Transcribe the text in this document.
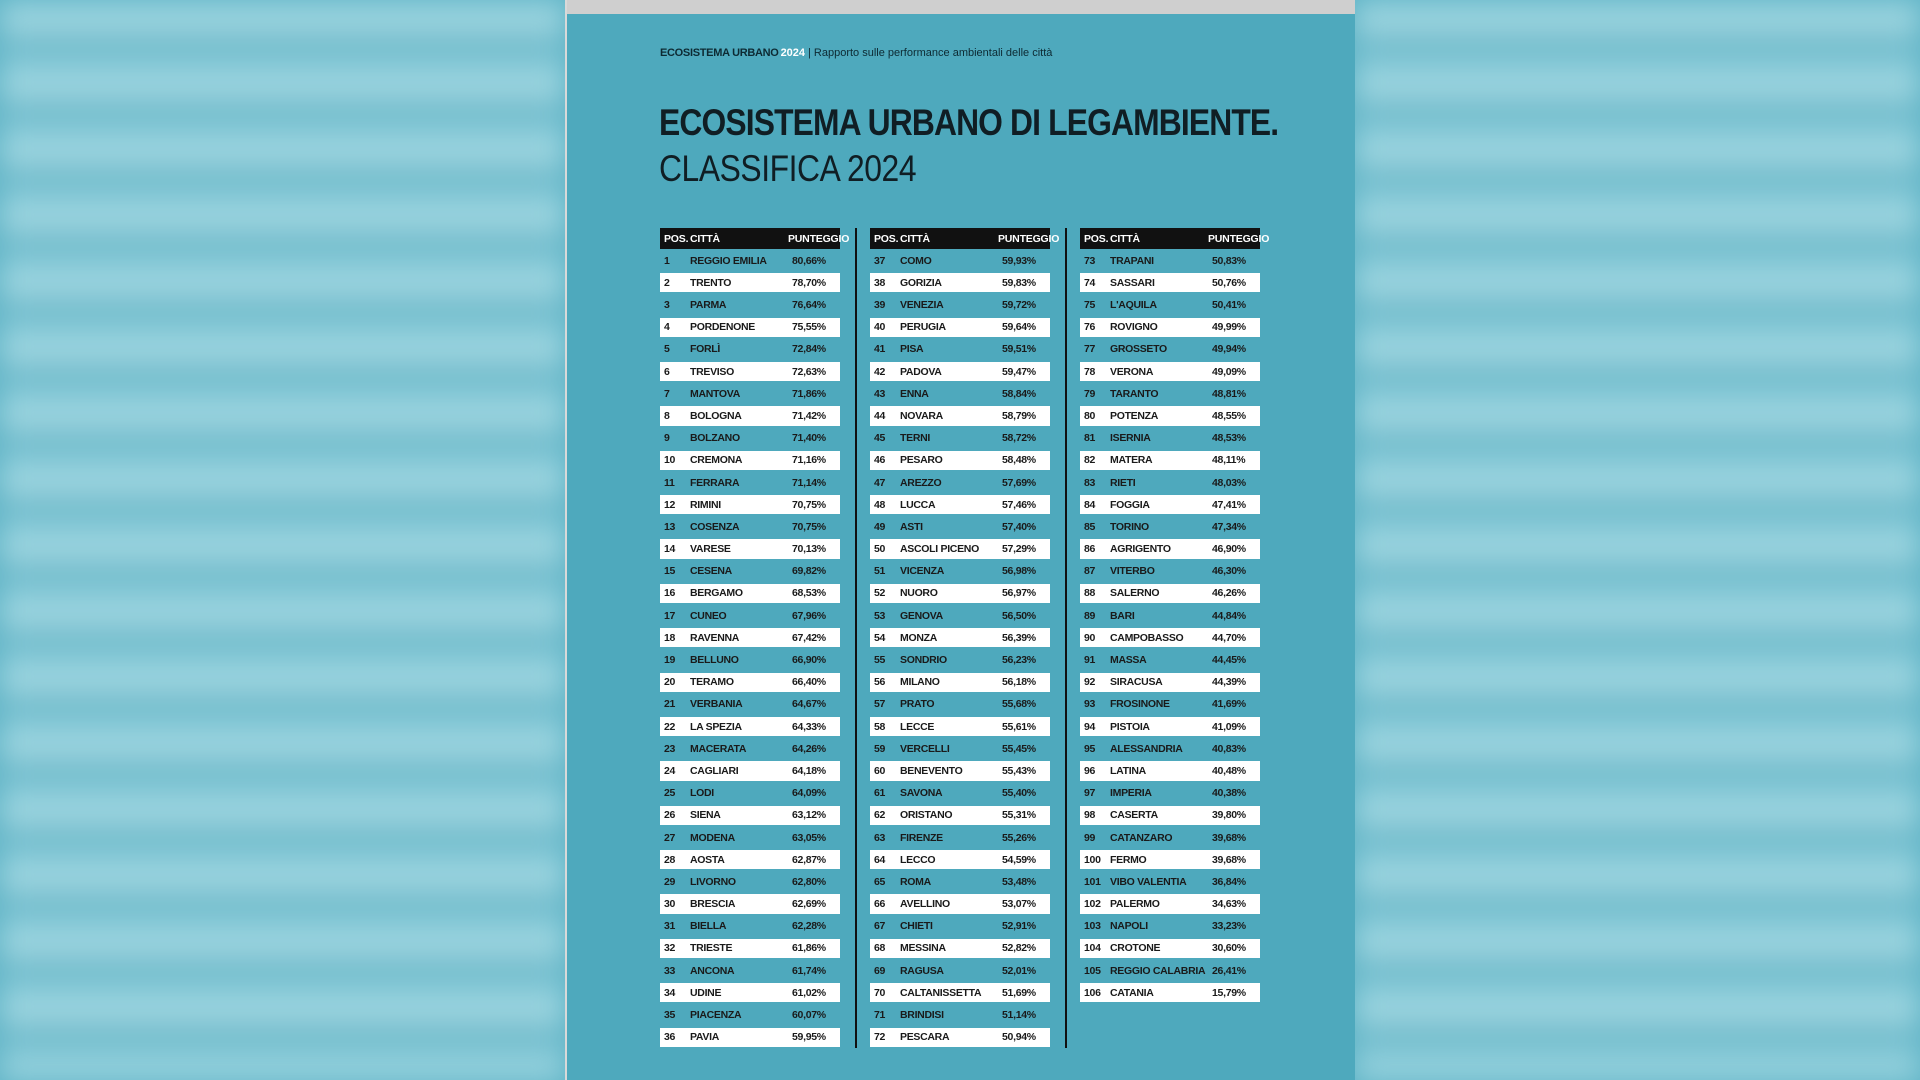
ECOSISTEMA URBANO 2024 | Rapporto sulle performance ambientali delle città
ECOSISTEMA URBANO DI LEGAMBIENTE.
CLASSIFICA 2024
POS. CITTÀ	PUNTEGGIO
1	REGGIO EMILIA	80,66%
2	TRENTO	78,70%
3	PARMA	76,64%
4	PORDENONE	75,55%
5	FORLÌ	72,84%
6	TREVISO	72,63%
7	MANTOVA	71,86%
8	BOLOGNA	71,42%
9	BOLZANO	71,40%
10	CREMONA	71,16%
11	FERRARA	71,14%
12	RIMINI	70,75%
13	COSENZA	70,75%
14	VARESE	70,13%
15	CESENA	69,82%
16	BERGAMO	68,53%
17	CUNEO	67,96%
18	RAVENNA	67,42%
19	BELLUNO	66,90%
20	TERAMO	66,40%
21	VERBANIA	64,67%
22	LA SPEZIA	64,33%
23	MACERATA	64,26%
24	CAGLIARI	64,18%
25	LODI	64,09%
26	SIENA	63,12%
27	MODENA	63,05%
28	AOSTA	62,87%
29	LIVORNO	62,80%
30	BRESCIA	62,69%
31	BIELLA	62,28%
32	TRIESTE	61,86%
33	ANCONA	61,74%
34	UDINE	61,02%
35	PIACENZA	60,07%
36	PAVIA	59,95%
POS. CITTÀ	PUNTEGGIO
37	COMO	59,93%
38	GORIZIA	59,83%
39	VENEZIA	59,72%
40	PERUGIA	59,64%
41	PISA	59,51%
42	PADOVA	59,47%
43	ENNA	58,84%
44	NOVARA	58,79%
45	TERNI	58,72%
46	PESARO	58,48%
47	AREZZO	57,69%
48	LUCCA	57,46%
49	ASTI	57,40%
50	ASCOLI PICENO	57,29%
51	VICENZA	56,98%
52	NUORO	56,97%
53	GENOVA	56,50%
54	MONZA	56,39%
55	SONDRIO	56,23%
56	MILANO	56,18%
57	PRATO	55,68%
58	LECCE	55,61%
59	VERCELLI	55,45%
60	BENEVENTO	55,43%
61	SAVONA	55,40%
62	ORISTANO	55,31%
63	FIRENZE	55,26%
64	LECCO	54,59%
65	ROMA	53,48%
66	AVELLINO	53,07%
67	CHIETI	52,91%
68	MESSINA	52,82%
69	RAGUSA	52,01%
70	CALTANISSETTA	51,69%
71	BRINDISI	51,14%
72	PESCARA	50,94%
POS. CITTÀ	PUNTEGGIO
73	TRAPANI	50,83%
74	SASSARI	50,76%
75	L'AQUILA	50,41%
76	ROVIGNO	49,99%
77	GROSSETO	49,94%
78	VERONA	49,09%
79	TARANTO	48,81%
80	POTENZA	48,55%
81	ISERNIA	48,53%
82	MATERA	48,11%
83	RIETI	48,03%
84	FOGGIA	47,41%
85	TORINO	47,34%
86	AGRIGENTO	46,90%
87	VITERBO	46,30%
88	SALERNO	46,26%
89	BARI	44,84%
90	CAMPOBASSO	44,70%
91	MASSA	44,45%
92	SIRACUSA	44,39%
93	FROSINONE	41,69%
94	PISTOIA	41,09%
95	ALESSANDRIA	40,83%
96	LATINA	40,48%
97	IMPERIA	40,38%
98	CASERTA	39,80%
99	CATANZARO	39,68%
100 FERMO	39,68%
101 VIBO VALENTIA	36,84%
102 PALERMO	34,63%
103 NAPOLI	33,23%
104 CROTONE	30,60%
105 REGGIO CALABRIA 26,41%
106 CATANIA	15,79%
